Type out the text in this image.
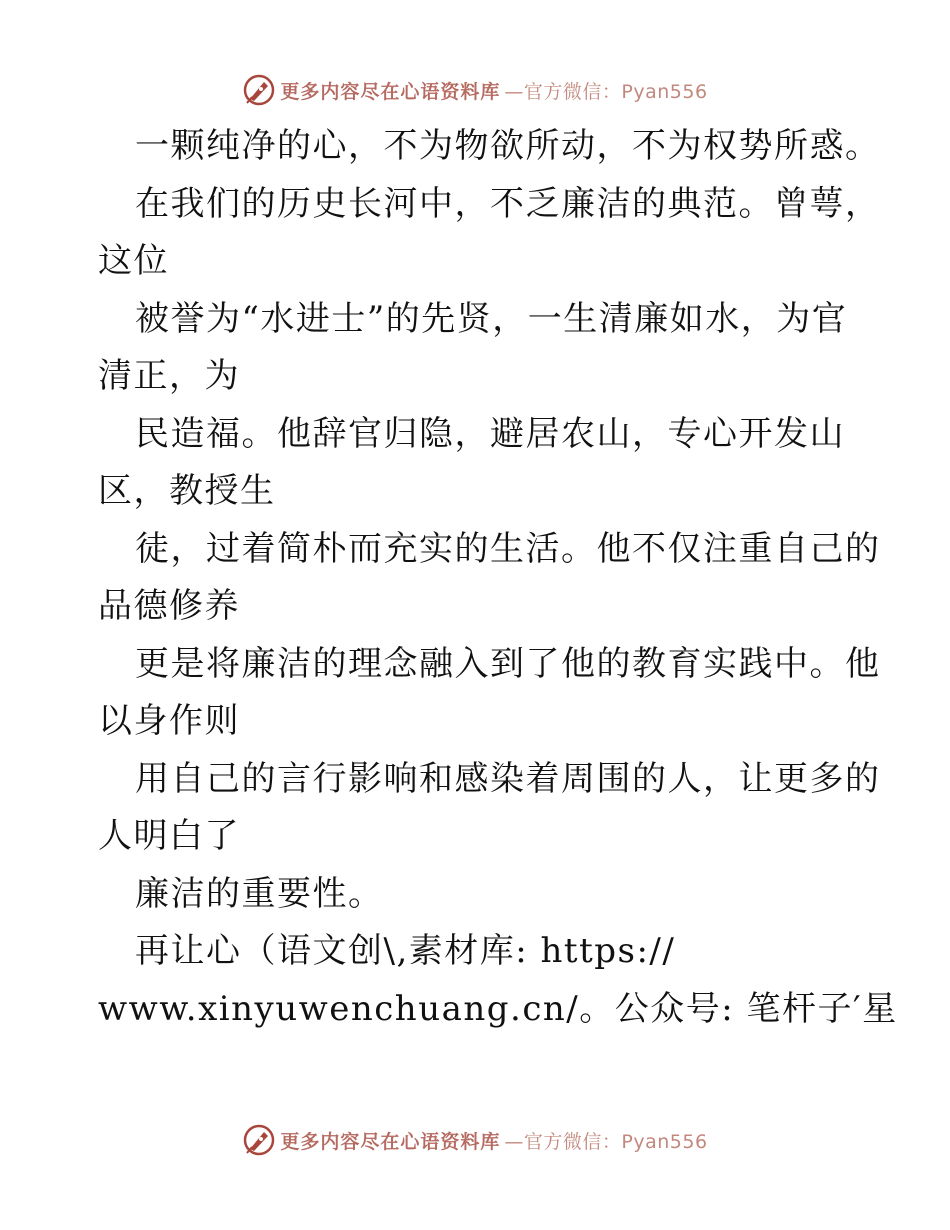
更多内容尽在心语资料库 —官方微信：Pyan556
一颗纯净的心，不为物欲所动，不为权势所惑。
在我们的历史长河中，不乏廉洁的典范。曾萼，
这位
被誉为“水进士”的先贤，一生清廉如水，为官
清正，为
民造福。他辞官归隐，避居农山，专心开发山
区，教授生
徒，过着简朴而充实的生活。他不仅注重自己的
品德修养
更是将廉洁的理念融入到了他的教育实践中。他
以身作则
用自己的言行影响和感染着周围的人，让更多的
人明白了
廉洁的重要性。
再让心（语文创\,素材库: https://
www.xinyuwenchuang.cn/。公众号: 笔杆子′星
更多内容尽在心语资料库 —官方微信：Pyan556
